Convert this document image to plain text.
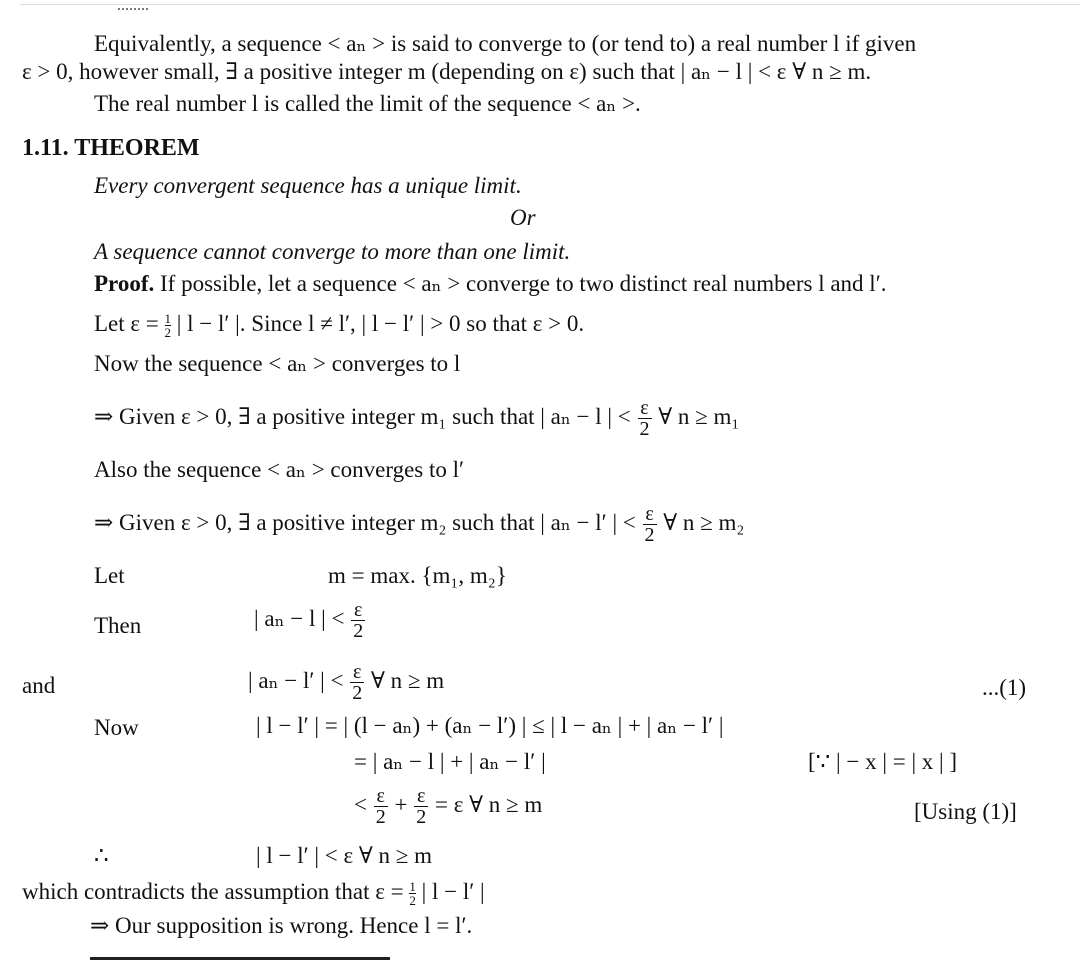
Equivalently, a sequence < aₙ > is said to converge to (or tend to) a real number l if given
ε > 0, however small, ∃ a positive integer m (depending on ε) such that | aₙ − l | < ε ∀ n ≥ m.
The real number l is called the limit of the sequence < aₙ >.
1.11. THEOREM
Every convergent sequence has a unique limit.
Or
A sequence cannot converge to more than one limit.
Proof. If possible, let a sequence < aₙ > converge to two distinct real numbers l and l′.
Let $\varepsilon = \frac{1}{2}$ | l − l′ |. Since l ≠ l′, | l − l′ | > 0 so that ε > 0.
Now the sequence < aₙ > converges to l
⇒ Given ε > 0, ∃ a positive integer m₁ such that | aₙ − l | < $\frac{\varepsilon}{2}$ ∀ n ≥ m₁
Also the sequence < aₙ > converges to l′
⇒ Given ε > 0, ∃ a positive integer m₂ such that | aₙ − l′ | < $\frac{\varepsilon}{2}$ ∀ n ≥ m₂
Let	m = max. {m₁, m₂}
Then	| aₙ − l | < $\frac{\varepsilon}{2}$
and	| aₙ − l′ | < $\frac{\varepsilon}{2}$ ∀ n ≥ m	...(1)
Now	| l − l′ | = | (l − aₙ) + (aₙ − l′) | ≤ | l − aₙ | + | aₙ − l′ |
= | aₙ − l | + | aₙ − l′ |	[∵ | − x | = | x | ]
< $\frac{\varepsilon}{2} + \frac{\varepsilon}{2} = \varepsilon$ ∀ n ≥ m	[Using (1)]
∴	| l − l′ | < ε ∀ n ≥ m
which contradicts the assumption that $\varepsilon = \frac{1}{2}$ | l − l′ |
⇒ Our supposition is wrong. Hence l = l′.
